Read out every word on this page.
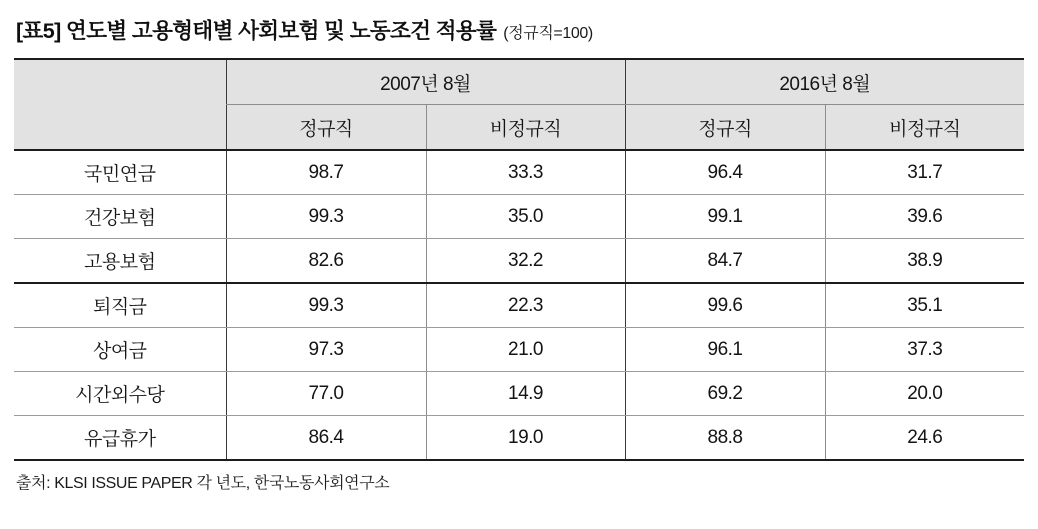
[표5] 연도별 고용형태별 사회보험 및 노동조건 적용률 (정규직=100)
	2007년 8월		2016년 8월	
	정규직	비정규직	정규직	비정규직
국민연금	98.7	33.3	96.4	31.7
건강보험	99.3	35.0	99.1	39.6
고용보험	82.6	32.2	84.7	38.9
퇴직금	99.3	22.3	99.6	35.1
상여금	97.3	21.0	96.1	37.3
시간외수당	77.0	14.9	69.2	20.0
유급휴가	86.4	19.0	88.8	24.6
출처: KLSI ISSUE PAPER 각 년도, 한국노동사회연구소
